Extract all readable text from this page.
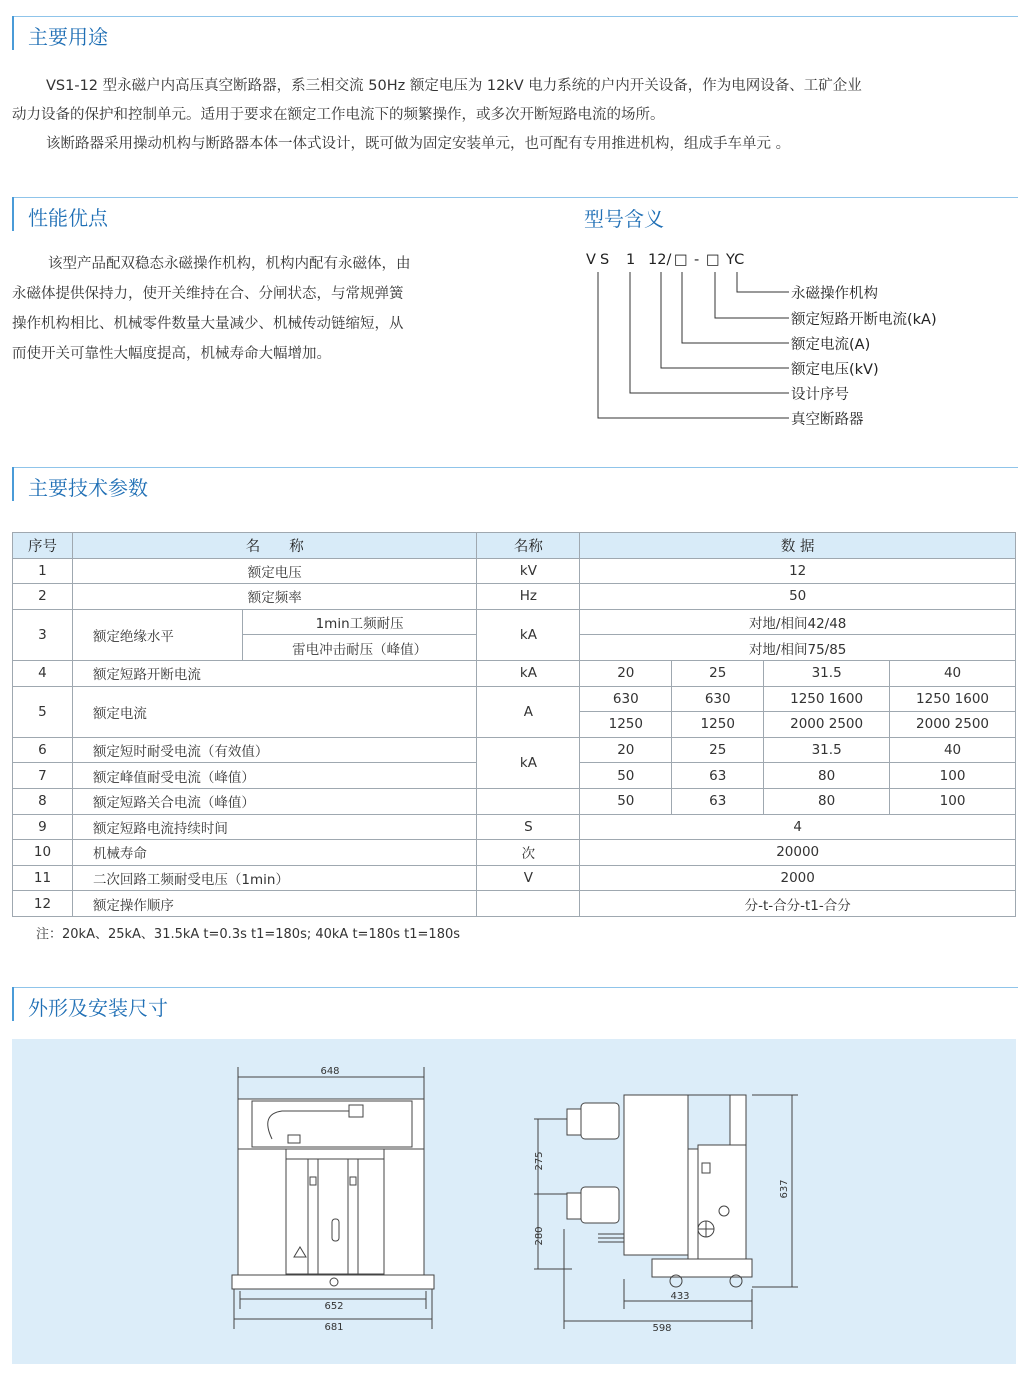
主要用途

VS1-12 型永磁户内高压真空断路器，系三相交流 50Hz 额定电压为 12kV 电力系统的户内开关设备，作为电网设备、工矿企业

动力设备的保护和控制单元。适用于要求在额定工作电流下的频繁操作，或多次开断短路电流的场所。

该断路器采用操动机构与断路器本体一体式设计，既可做为固定安装单元，也可配有专用推进机构，组成手车单元 。

性能优点	型号含义

该型产品配双稳态永磁操作机构，机构内配有永磁体，由

永磁体提供保持力，使开关维持在合、分闸状态，与常规弹簧

操作机构相比、机械零件数量大量减少、机械传动链缩短，从

而使开关可靠性大幅度提高，机械寿命大幅增加。

V S 1 12/ □ - □ YC
永磁操作机构
额定短路开断电流(kA)
额定电流(A)
额定电压(kV)
设计序号
真空断路器
主要技术参数
序号	名　　称		名称	数 据			
1	额定电压		kV	12			
2	额定频率		Hz	50			
3	额定绝缘水平	1min工频耐压	kA	对地/相间42/48			
		雷电冲击耐压（峰值）		对地/相间75/85			
4	额定短路开断电流		kA	20	25	31.5	40
5	额定电流		A	630	630	1250 1600	1250 1600
				1250	1250	2000 2500	2000 2500
6	额定短时耐受电流（有效值）		kA	20	25	31.5	40
7	额定峰值耐受电流（峰值）			50	63	80	100
8	额定短路关合电流（峰值）			50	63	80	100
9	额定短路电流持续时间		S	4			
10	机械寿命		次	20000			
11	二次回路工频耐受电压（1min）		V	2000			
12	额定操作顺序			分-t-合分-t1-合分			
注：20kA、25kA、31.5kA t=0.3s t1=180s; 40kA t=180s t1=180s
外形及安装尺寸
648
652
681
275
280
637
433
598
